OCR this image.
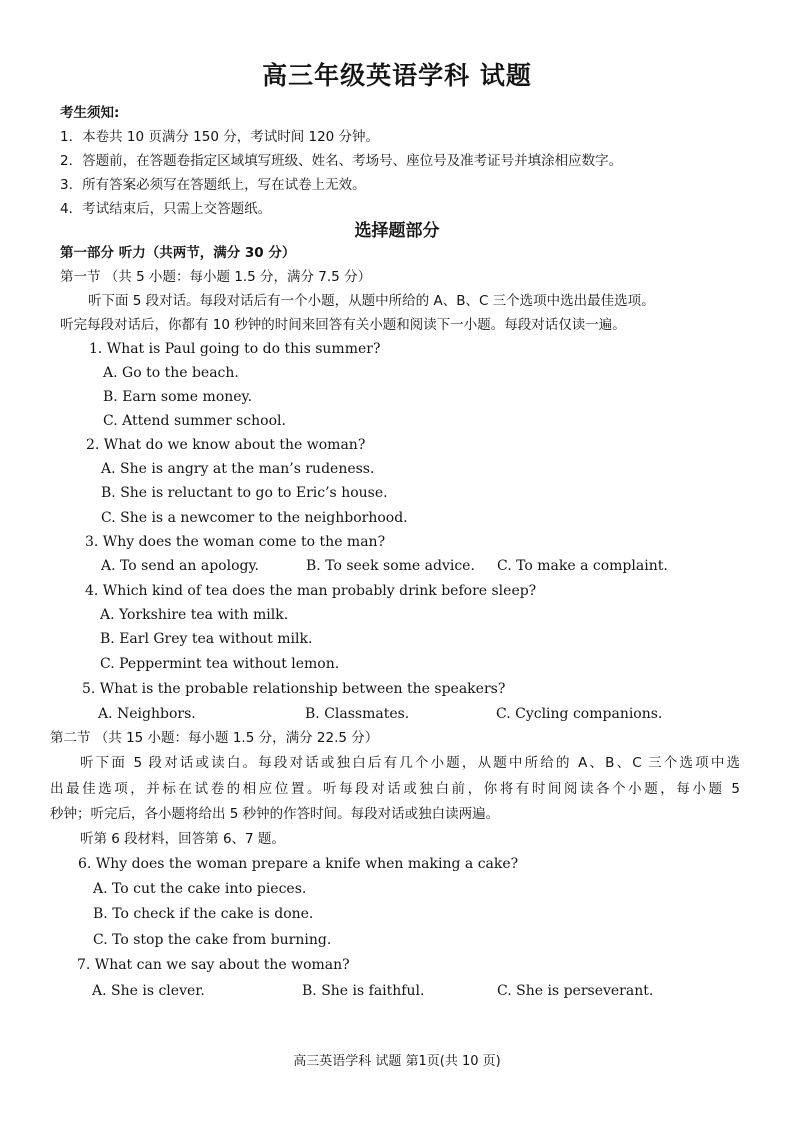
高三年级英语学科 试题
考生须知:
1．本卷共 10 页满分 150 分，考试时间 120 分钟。
2．答题前，在答题卷指定区域填写班级、姓名、考场号、座位号及准考证号并填涂相应数字。
3．所有答案必须写在答题纸上，写在试卷上无效。
4．考试结束后，只需上交答题纸。
选择题部分
第一部分 听力（共两节，满分 30 分）
第一节 （共 5 小题：每小题 1.5 分，满分 7.5 分）
听下面 5 段对话。每段对话后有一个小题，从题中所给的 A、B、C 三个选项中选出最佳选项。
听完每段对话后，你都有 10 秒钟的时间来回答有关小题和阅读下一小题。每段对话仅读一遍。
1. What is Paul going to do this summer?
A. Go to the beach.
B. Earn some money.
C. Attend summer school.
2. What do we know about the woman?
A. She is angry at the man’s rudeness.
B. She is reluctant to go to Eric’s house.
C. She is a newcomer to the neighborhood.
3. Why does the woman come to the man?
A. To send an apology.	B. To seek some advice. C. To make a complaint.
4. Which kind of tea does the man probably drink before sleep?
A. Yorkshire tea with milk.
B. Earl Grey tea without milk.
C. Peppermint tea without lemon.
5. What is the probable relationship between the speakers?
A. Neighbors.	B. Classmates.	C. Cycling companions.
第二节 （共 15 小题：每小题 1.5 分，满分 22.5 分）
听下面 5 段对话或读白。每段对话或独白后有几个小题，从题中所给的 A、B、C 三个选项中选
出最佳选项，并标在试卷的相应位置。听每段对话或独白前，你将有时间阅读各个小题，每小题 5
秒钟；听完后，各小题将给出 5 秒钟的作答时间。每段对话或独白读两遍。
听第 6 段材料，回答第 6、7 题。
6. Why does the woman prepare a knife when making a cake?
A. To cut the cake into pieces.
B. To check if the cake is done.
C. To stop the cake from burning.
7. What can we say about the woman?
A. She is clever.	B. She is faithful.	C. She is perseverant.
高三英语学科 试题 第1页(共 10 页)
